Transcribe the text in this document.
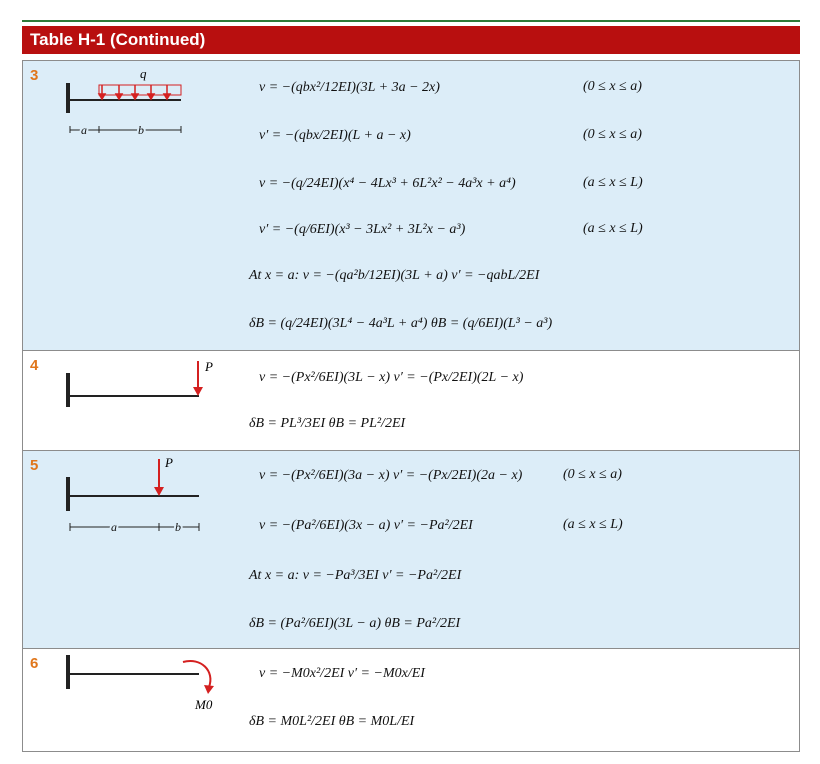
Table H-1 (Continued)
3	q
a	b
v = −(qbx²/12EI)(3L + 3a − 2x)	(0 ≤ x ≤ a)
v′ = −(qbx/2EI)(L + a − x)	(0 ≤ x ≤ a)
v = −(q/24EI)(x⁴ − 4Lx³ + 6L²x² − 4a³x + a⁴)	(a ≤ x ≤ L)
v′ = −(q/6EI)(x³ − 3Lx² + 3L²x − a³)	(a ≤ x ≤ L)
At x = a: v = −(qa²b/12EI)(3L + a) v′ = −qabL/2EI
δB = (q/24EI)(3L⁴ − 4a³L + a⁴) θB = (q/6EI)(L³ − a³)
4	P
v = −(Px²/6EI)(3L − x) v′ = −(Px/2EI)(2L − x)
δB = PL³/3EI θB = PL²/2EI
5	P
a	b
v = −(Px²/6EI)(3a − x) v′ = −(Px/2EI)(2a − x)	(0 ≤ x ≤ a)
v = −(Pa²/6EI)(3x − a) v′ = −Pa²/2EI	(a ≤ x ≤ L)
At x = a: v = −Pa³/3EI v′ = −Pa²/2EI
δB = (Pa²/6EI)(3L − a) θB = Pa²/2EI
6
M0
v = −M0x²/2EI v′ = −M0x/EI
δB = M0L²/2EI θB = M0L/EI
